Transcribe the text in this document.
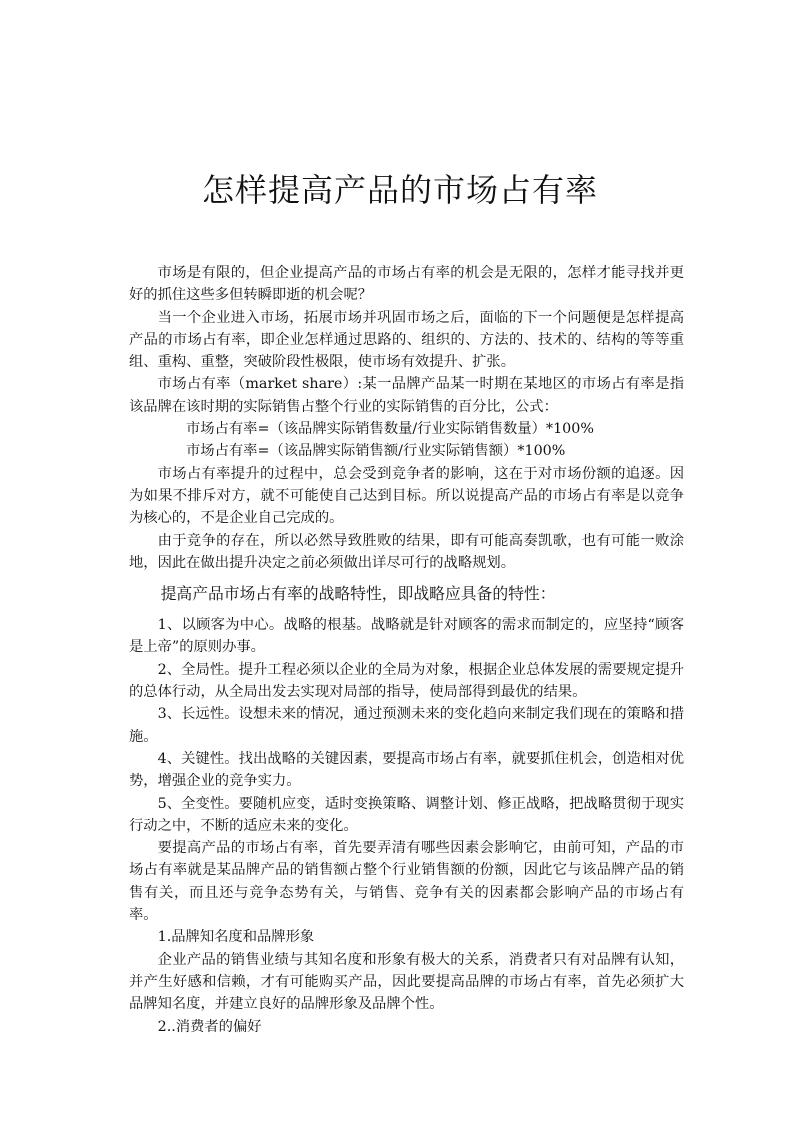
怎样提高产品的市场占有率

市场是有限的，但企业提高产品的市场占有率的机会是无限的，怎样才能寻找并更好的抓住这些多但转瞬即逝的机会呢？

当一个企业进入市场，拓展市场并巩固市场之后，面临的下一个问题便是怎样提高产品的市场占有率，即企业怎样通过思路的、组织的、方法的、技术的、结构的等等重组、重构、重整，突破阶段性极限，使市场有效提升、扩张。

市场占有率（market share）:某一品牌产品某一时期在某地区的市场占有率是指该品牌在该时期的实际销售占整个行业的实际销售的百分比，公式：

市场占有率=（该品牌实际销售数量/行业实际销售数量）*100%

市场占有率=（该品牌实际销售额/行业实际销售额）*100%

市场占有率提升的过程中，总会受到竞争者的影响，这在于对市场份额的追逐。因为如果不排斥对方，就不可能使自己达到目标。所以说提高产品的市场占有率是以竞争为核心的，不是企业自己完成的。

由于竞争的存在，所以必然导致胜败的结果，即有可能高奏凯歌，也有可能一败涂地，因此在做出提升决定之前必须做出详尽可行的战略规划。

提高产品市场占有率的战略特性，即战略应具备的特性：

1、以顾客为中心。战略的根基。战略就是针对顾客的需求而制定的，应坚持“顾客是上帝”的原则办事。

2、全局性。提升工程必须以企业的全局为对象，根据企业总体发展的需要规定提升的总体行动，从全局出发去实现对局部的指导，使局部得到最优的结果。

3、长远性。设想未来的情况，通过预测未来的变化趋向来制定我们现在的策略和措施。

4、关键性。找出战略的关键因素，要提高市场占有率，就要抓住机会，创造相对优势，增强企业的竞争实力。

5、全变性。要随机应变，适时变换策略、调整计划、修正战略，把战略贯彻于现实行动之中，不断的适应未来的变化。

要提高产品的市场占有率，首先要弄清有哪些因素会影响它，由前可知，产品的市场占有率就是某品牌产品的销售额占整个行业销售额的份额，因此它与该品牌产品的销售有关，而且还与竞争态势有关，与销售、竞争有关的因素都会影响产品的市场占有率。

1.品牌知名度和品牌形象

企业产品的销售业绩与其知名度和形象有极大的关系，消费者只有对品牌有认知，并产生好感和信赖，才有可能购买产品，因此要提高品牌的市场占有率，首先必须扩大品牌知名度，并建立良好的品牌形象及品牌个性。

2..消费者的偏好
